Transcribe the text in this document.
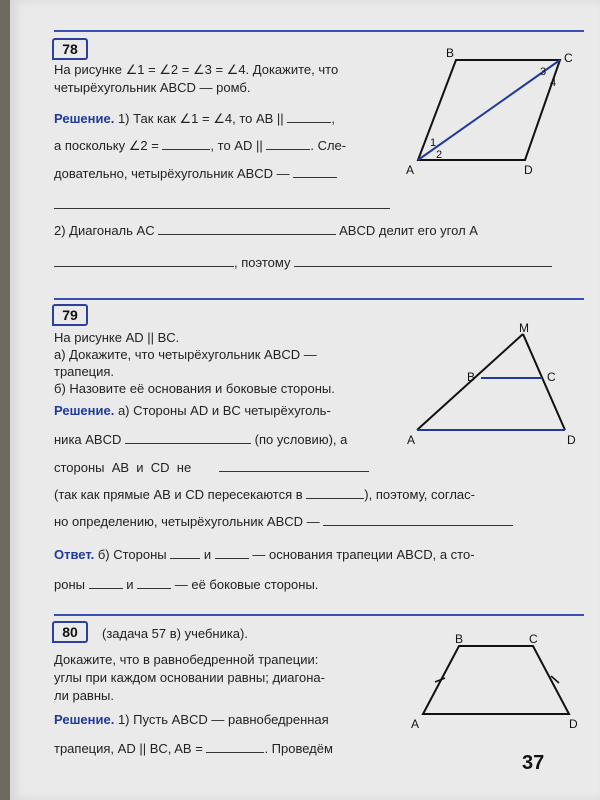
78
На рисунке ∠1 = ∠2 = ∠3 = ∠4. Докажите, что
четырёхугольник ABCD — ромб.
Решение. 1) Так как ∠1 = ∠4, то AB ||	,
а поскольку ∠2 =	, то AD ||	. Сле-
довательно, четырёхугольник ABCD —
2) Диагональ AC	ABCD делит его угол A
, поэтому
B	C
A	D
1
2
3
4
79
На рисунке AD || BC.
а) Докажите, что четырёхугольник ABCD —
трапеция.
б) Назовите её основания и боковые стороны.
Решение. а) Стороны AD и BC четырёхуголь-
ника ABCD	(по условию), а
стороны  AB  и  CD  не
(так как прямые AB и CD пересекаются в	), поэтому, соглас-
но определению, четырёхугольник ABCD —
Ответ. б) Стороны	и	— основания трапеции ABCD, а сто-
роны	и	— её боковые стороны.
M
B	C
A	D
80	(задача 57 в) учебника).
Докажите, что в равнобедренной трапеции:
углы при каждом основании равны; диагона-
ли равны.
Решение. 1) Пусть ABCD — равнобедренная
трапеция, AD || BC, AB =	. Проведём
B	C
A	D
37
